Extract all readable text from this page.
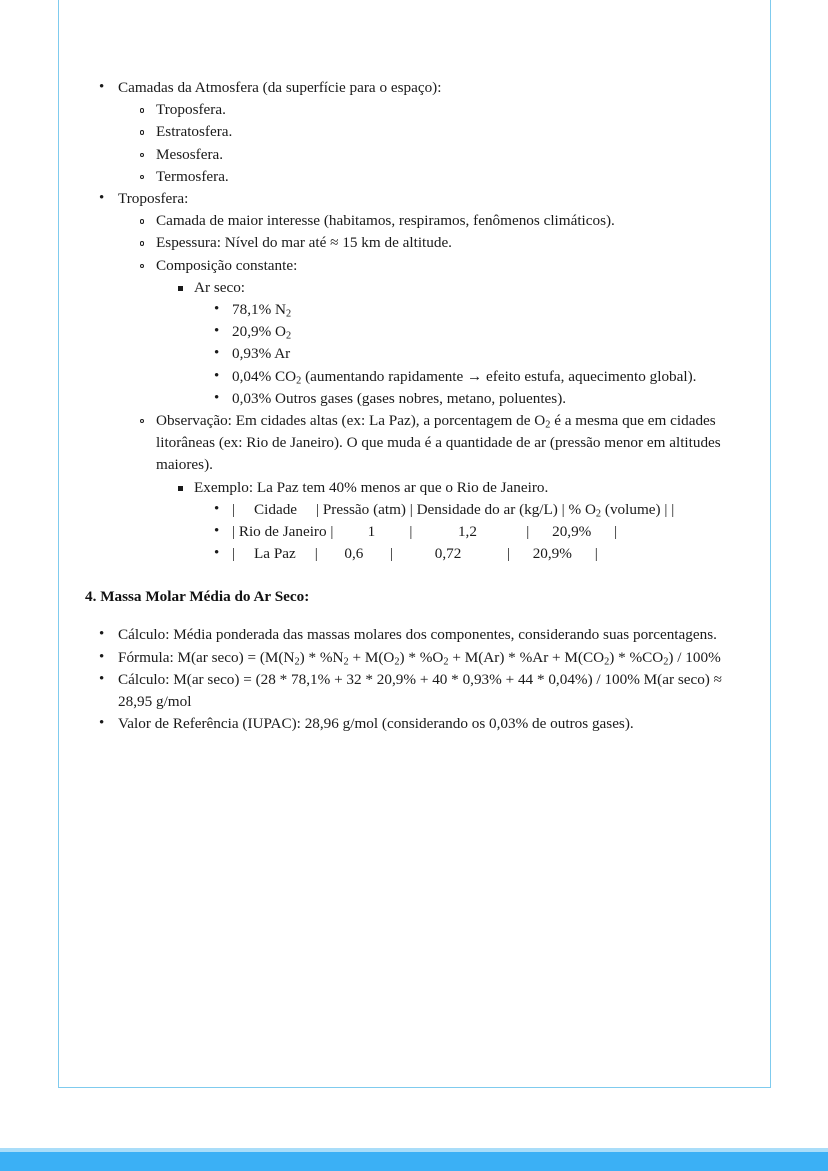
• Camadas da Atmosfera (da superfície para o espaço):
Troposfera.
Estratosfera.
Mesosfera.
Termosfera.
• Troposfera:
Camada de maior interesse (habitamos, respiramos, fenômenos climáticos).
Espessura: Nível do mar até ≈ 15 km de altitude.
Composição constante:
Ar seco:
• 78,1% $N_2$
• 20,9% $O_2$
• 0,93% Ar
• 0,04% $CO_2$ (aumentando rapidamente → efeito estufa, aquecimento global).
• 0,03% Outros gases (gases nobres, metano, poluentes).
Observação: Em cidades altas (ex: La Paz), a porcentagem de $O_2$ é a mesma que em cidades litorâneas (ex: Rio de Janeiro). O que muda é a quantidade de ar (pressão menor em altitudes maiores).
Exemplo: La Paz tem 40% menos ar que o Rio de Janeiro.
• |     Cidade     | Pressão (atm) | Densidade do ar (kg/L) | % $O_2$ (volume) | |
• | Rio de Janeiro |         1         |            1,2             |      20,9%      |
• |     La Paz     |       0,6       |           0,72            |      20,9%      |
4. Massa Molar Média do Ar Seco:
• Cálculo: Média ponderada das massas molares dos componentes, considerando suas porcentagens.
• Fórmula: M(ar $\sec o) = (M(N_2) * \%N_2 + M(O_2) * \%O_2 + M(Ar) * \%Ar + M(CO_2) * \%CO_2) / 100\%$
• Cálculo: M(ar seco) = (28 * 78,1% + 32 * 20,9% + 40 * 0,93% + 44 * 0,04%) / 100% M(ar seco) ≈ 28,95 g/mol
• Valor de Referência (IUPAC): 28,96 g/mol (considerando os 0,03% de outros gases).
